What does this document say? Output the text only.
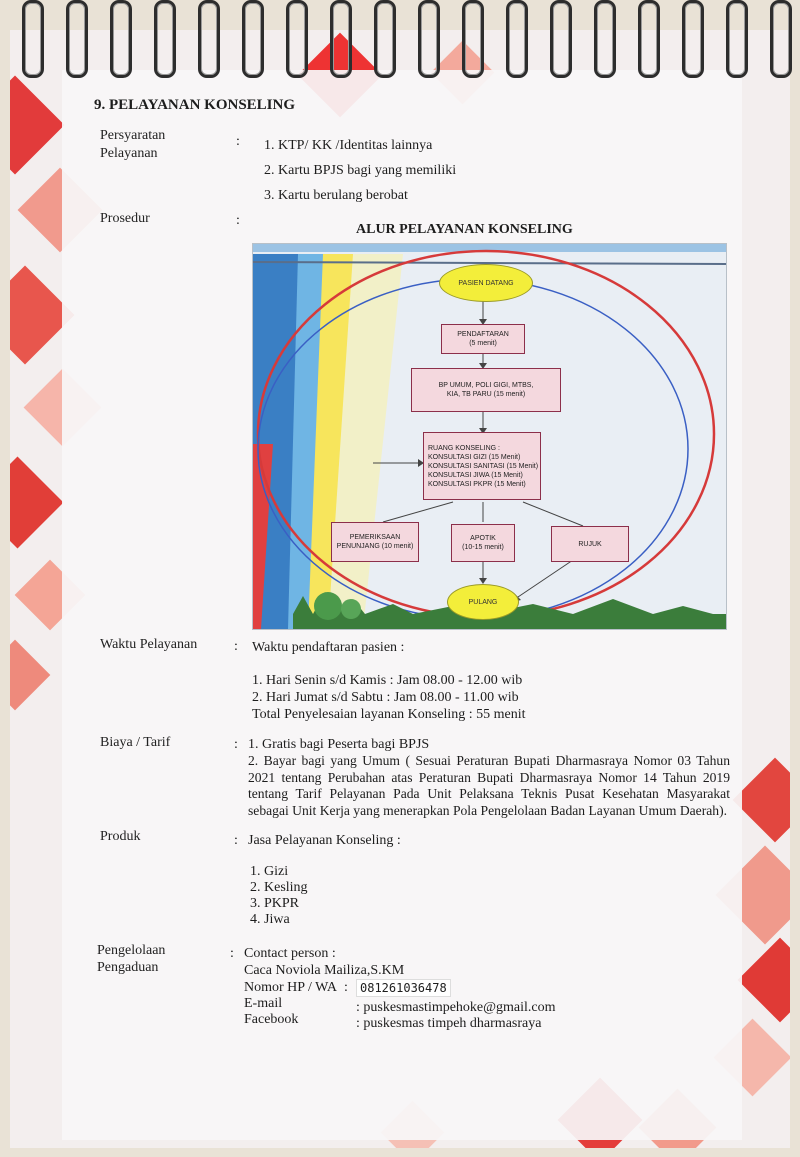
9. PELAYANAN KONSELING
Persyaratan
Pelayanan
: 1. KTP/ KK /Identitas lainnya
2. Kartu BPJS bagi yang memiliki
3. Kartu berulang berobat
Prosedur	:
ALUR PELAYANAN KONSELING
PASIEN DATANG
PENDAFTARAN
(5 menit)
BP UMUM, POLI GIGI, MTBS,
KIA, TB PARU (15 menit)
RUANG KONSELING :
KONSULTASI GIZI (15 Menit)
KONSULTASI SANITASI (15 Menit)
KONSULTASI JIWA (15 Menit)
KONSULTASI PKPR (15 Menit)
PEMERIKSAAN
PENUNJANG (10 menit)
APOTIK
(10-15 menit)	RUJUK
PULANG
Waktu Pelayanan	: Waktu pendaftaran pasien :
1. Hari Senin s/d Kamis : Jam 08.00 - 12.00 wib
2. Hari Jumat s/d Sabtu : Jam 08.00 - 11.00 wib
Total Penyelesaian layanan Konseling : 55 menit
Biaya / Tarif	: 1. Gratis bagi Peserta bagi BPJS
2. Bayar bagi yang Umum ( Sesuai Peraturan Bupati Dharmasraya Nomor 03 Tahun 2021 tentang Perubahan atas Peraturan Bupati Dharmasraya Nomor 14 Tahun 2019 tentang Tarif Pelayanan Pada Unit Pelaksana Teknis Pusat Kesehatan Masyarakat sebagai Unit Kerja yang menerapkan Pola Pengelolaan Badan Layanan Umum Daerah).
Produk	: Jasa Pelayanan Konseling :
1. Gizi
2. Kesling
3. PKPR
4. Jiwa
Pengelolaan
Pengaduan
: Contact person :
Caca Noviola Mailiza,S.KM
Nomor HP / WA :	081261036478
E-mail	: puskesmastimpehoke@gmail.com
Facebook	: puskesmas timpeh dharmasraya
